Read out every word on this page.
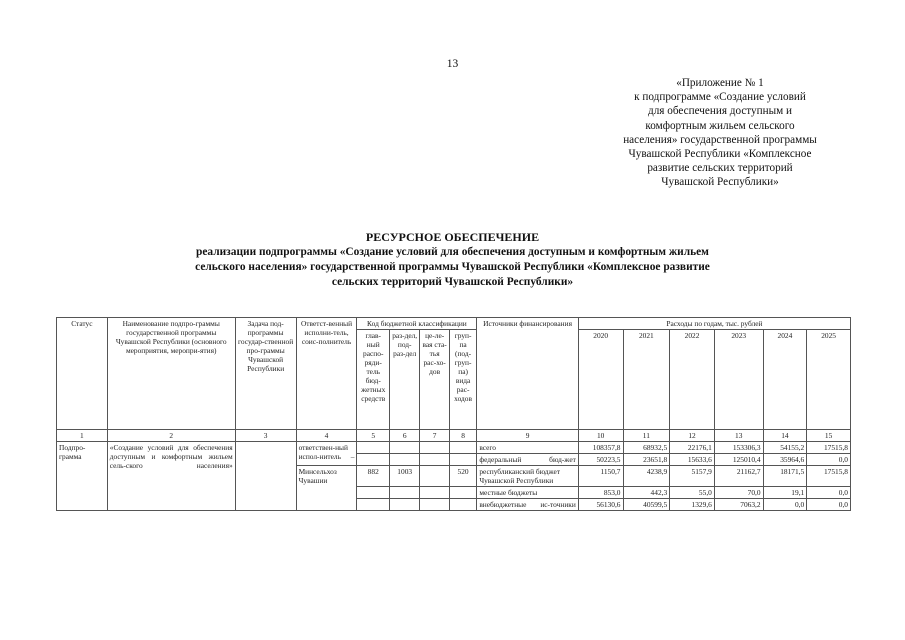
13
«Приложение № 1
к подпрограмме «Создание условий
для обеспечения доступным и
комфортным жильем сельского
населения» государственной программы
Чувашской Республики «Комплексное
развитие сельских территорий
Чувашской Республики»
РЕСУРСНОЕ ОБЕСПЕЧЕНИЕ
реализации подпрограммы «Создание условий для обеспечения доступным и комфортным жильем
сельского населения» государственной программы Чувашской Республики «Комплексное развитие
сельских территорий Чувашской Республики»
Статус	Наименование подпро-граммы государственной программы Чувашской Республики (основного мероприятия, меропри-ятия)	Задача под-программы государ-ственной про-граммы Чувашской Республики	Ответст-венный исполни-тель, соис-полнитель	Код бюджетной классификации				Источники финансирования	Расходы по годам, тыс. рублей					
				глав-ный распо-ряди-тель бюд-жетных средств	раз-дел, под-раз-дел	це-ле-вая ста-тья рас-хо-дов	груп-па (под-груп-па) вида рас-ходов		2020	2021	2022	2023	2024	2025
1	2	3	4	5	6	7	8	9	10	11	12	13	14	15
Подпро-грамма	«Создание условий для обеспечения доступным и комфортным жильем сель-ского населения»		ответствен-ный испол-нитель –					всего	108357,8	68932,5	22176,1	153306,3	54155,2	17515,8
								федеральный бюд-жет	50223,5	23651,8	15633,6	125010,4	35964,6	0,0
			Минсельхоз Чувашии	882	1003		520	республиканский бюджет Чувашской Республики	1150,7	4238,9	5157,9	21162,7	18171,5	17515,8
								местные бюджеты	853,0	442,3	55,0	70,0	19,1	0,0
								внебюджетные ис-точники	56130,6	40599,5	1329,6	7063,2	0,0	0,0
